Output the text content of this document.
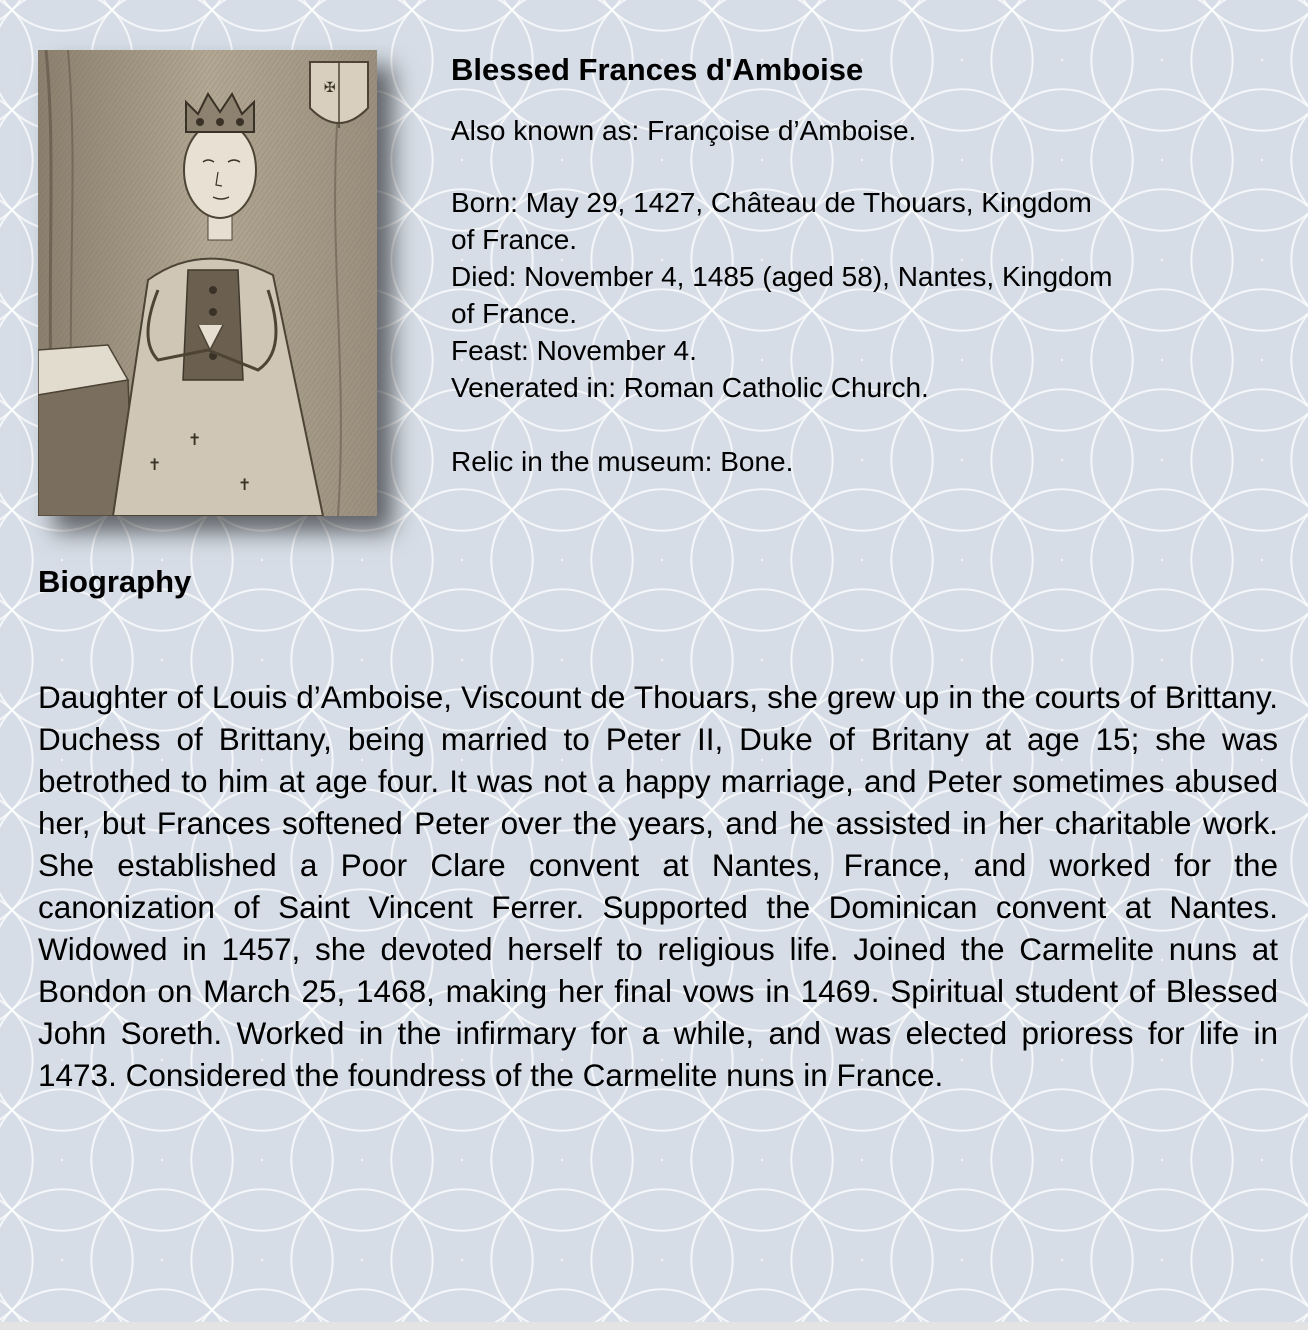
✠
✝
✝
✝
Blessed Frances d'Amboise

Also known as: Françoise d’Amboise.

Born: May 29, 1427, Château de Thouars, Kingdom

of France.

Died: November 4, 1485 (aged 58), Nantes, Kingdom

of France.

Feast: November 4.

Venerated in: Roman Catholic Church.

Relic in the museum: Bone.

Biography

Daughter of Louis d’Amboise, Viscount de Thouars, she grew up in the courts of Brittany. Duchess of Brittany, being married to Peter II, Duke of Britany at age 15; she was betrothed to him at age four. It was not a happy marriage, and Peter sometimes abused her, but Frances softened Peter over the years, and he assisted in her charitable work. She established a Poor Clare convent at Nantes, France, and worked for the canonization of Saint Vincent Ferrer. Supported the Dominican convent at Nantes. Widowed in 1457, she devoted herself to religious life. Joined the Carmelite nuns at Bondon on March 25, 1468, making her final vows in 1469. Spiritual student of Blessed John Soreth. Worked in the infirmary for a while, and was elected prioress for life in 1473. Considered the foundress of the Carmelite nuns in France.
